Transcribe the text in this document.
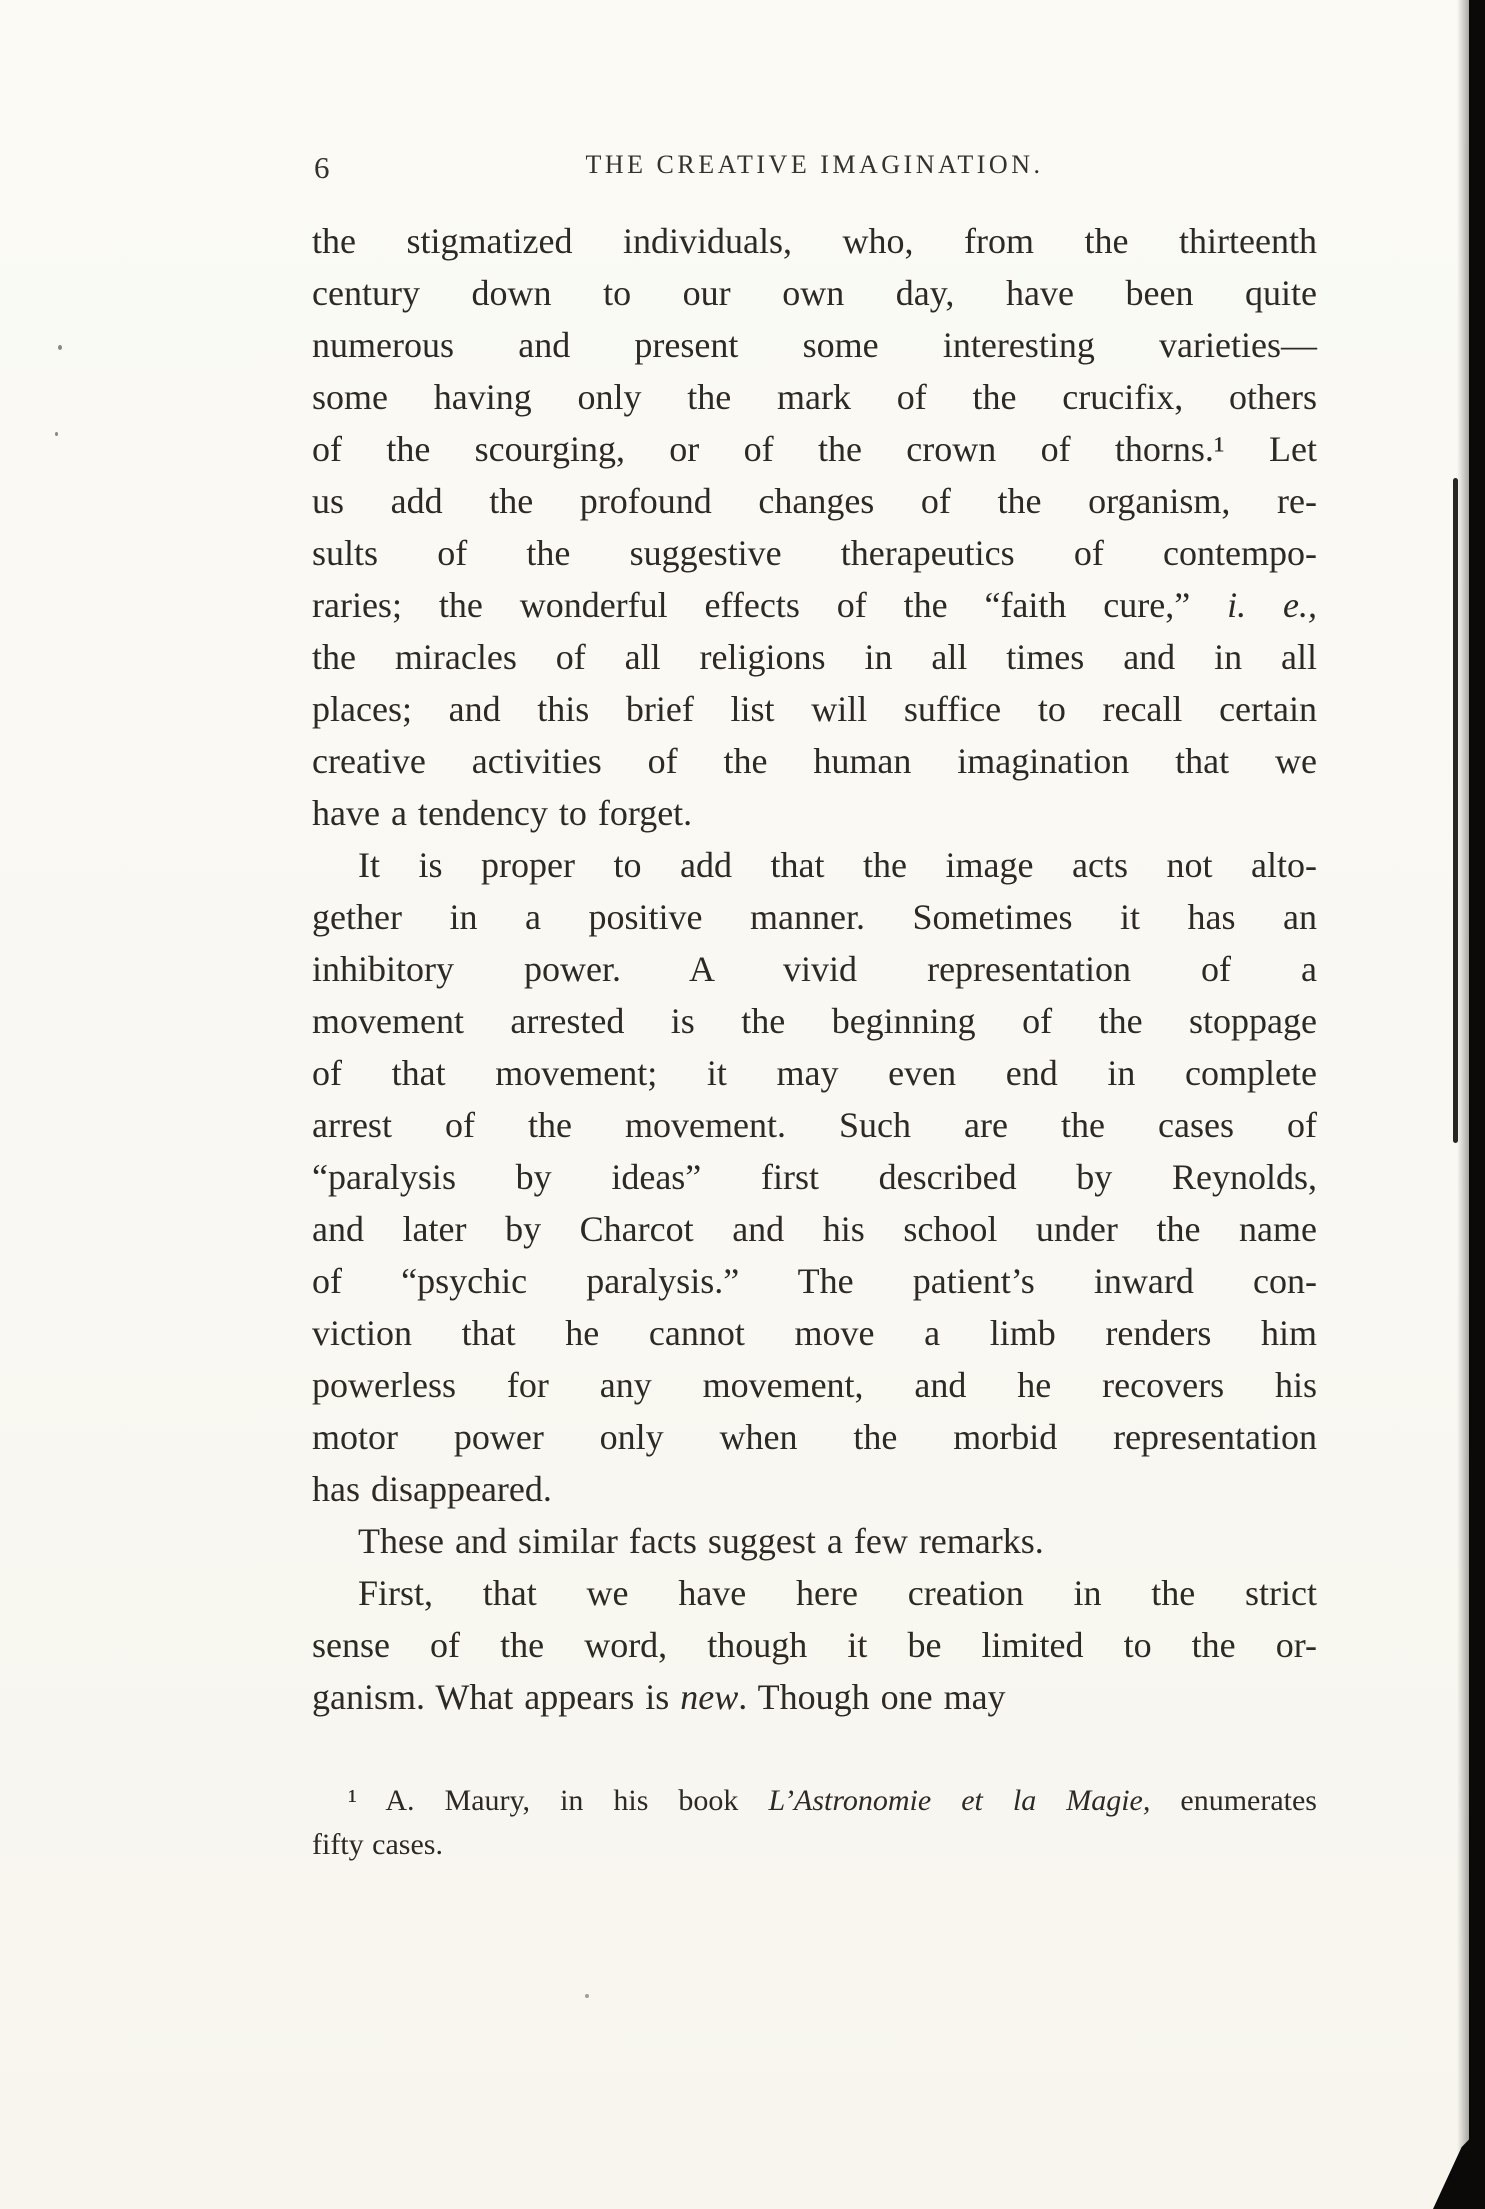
6	THE CREATIVE IMAGINATION.
the stigmatized individuals, who, from the thirteenth
century down to our own day, have been quite
numerous and present some interesting varieties—
some having only the mark of the crucifix, others
of the scourging, or of the crown of thorns.¹ Let
us add the profound changes of the organism, re-
sults of the suggestive therapeutics of contempo-
raries; the wonderful effects of the “faith cure,” i. e.,
the miracles of all religions in all times and in all
places; and this brief list will suffice to recall certain
creative activities of the human imagination that we
have a tendency to forget.
It is proper to add that the image acts not alto-
gether in a positive manner. Sometimes it has an
inhibitory power. A vivid representation of a
movement arrested is the beginning of the stoppage
of that movement; it may even end in complete
arrest of the movement. Such are the cases of
“paralysis by ideas” first described by Reynolds,
and later by Charcot and his school under the name
of “psychic paralysis.” The patient’s inward con-
viction that he cannot move a limb renders him
powerless for any movement, and he recovers his
motor power only when the morbid representation
has disappeared.
These and similar facts suggest a few remarks.
First, that we have here creation in the strict
sense of the word, though it be limited to the or-
ganism. What appears is new. Though one may
¹ A. Maury, in his book L’Astronomie et la Magie, enumerates
fifty cases.
